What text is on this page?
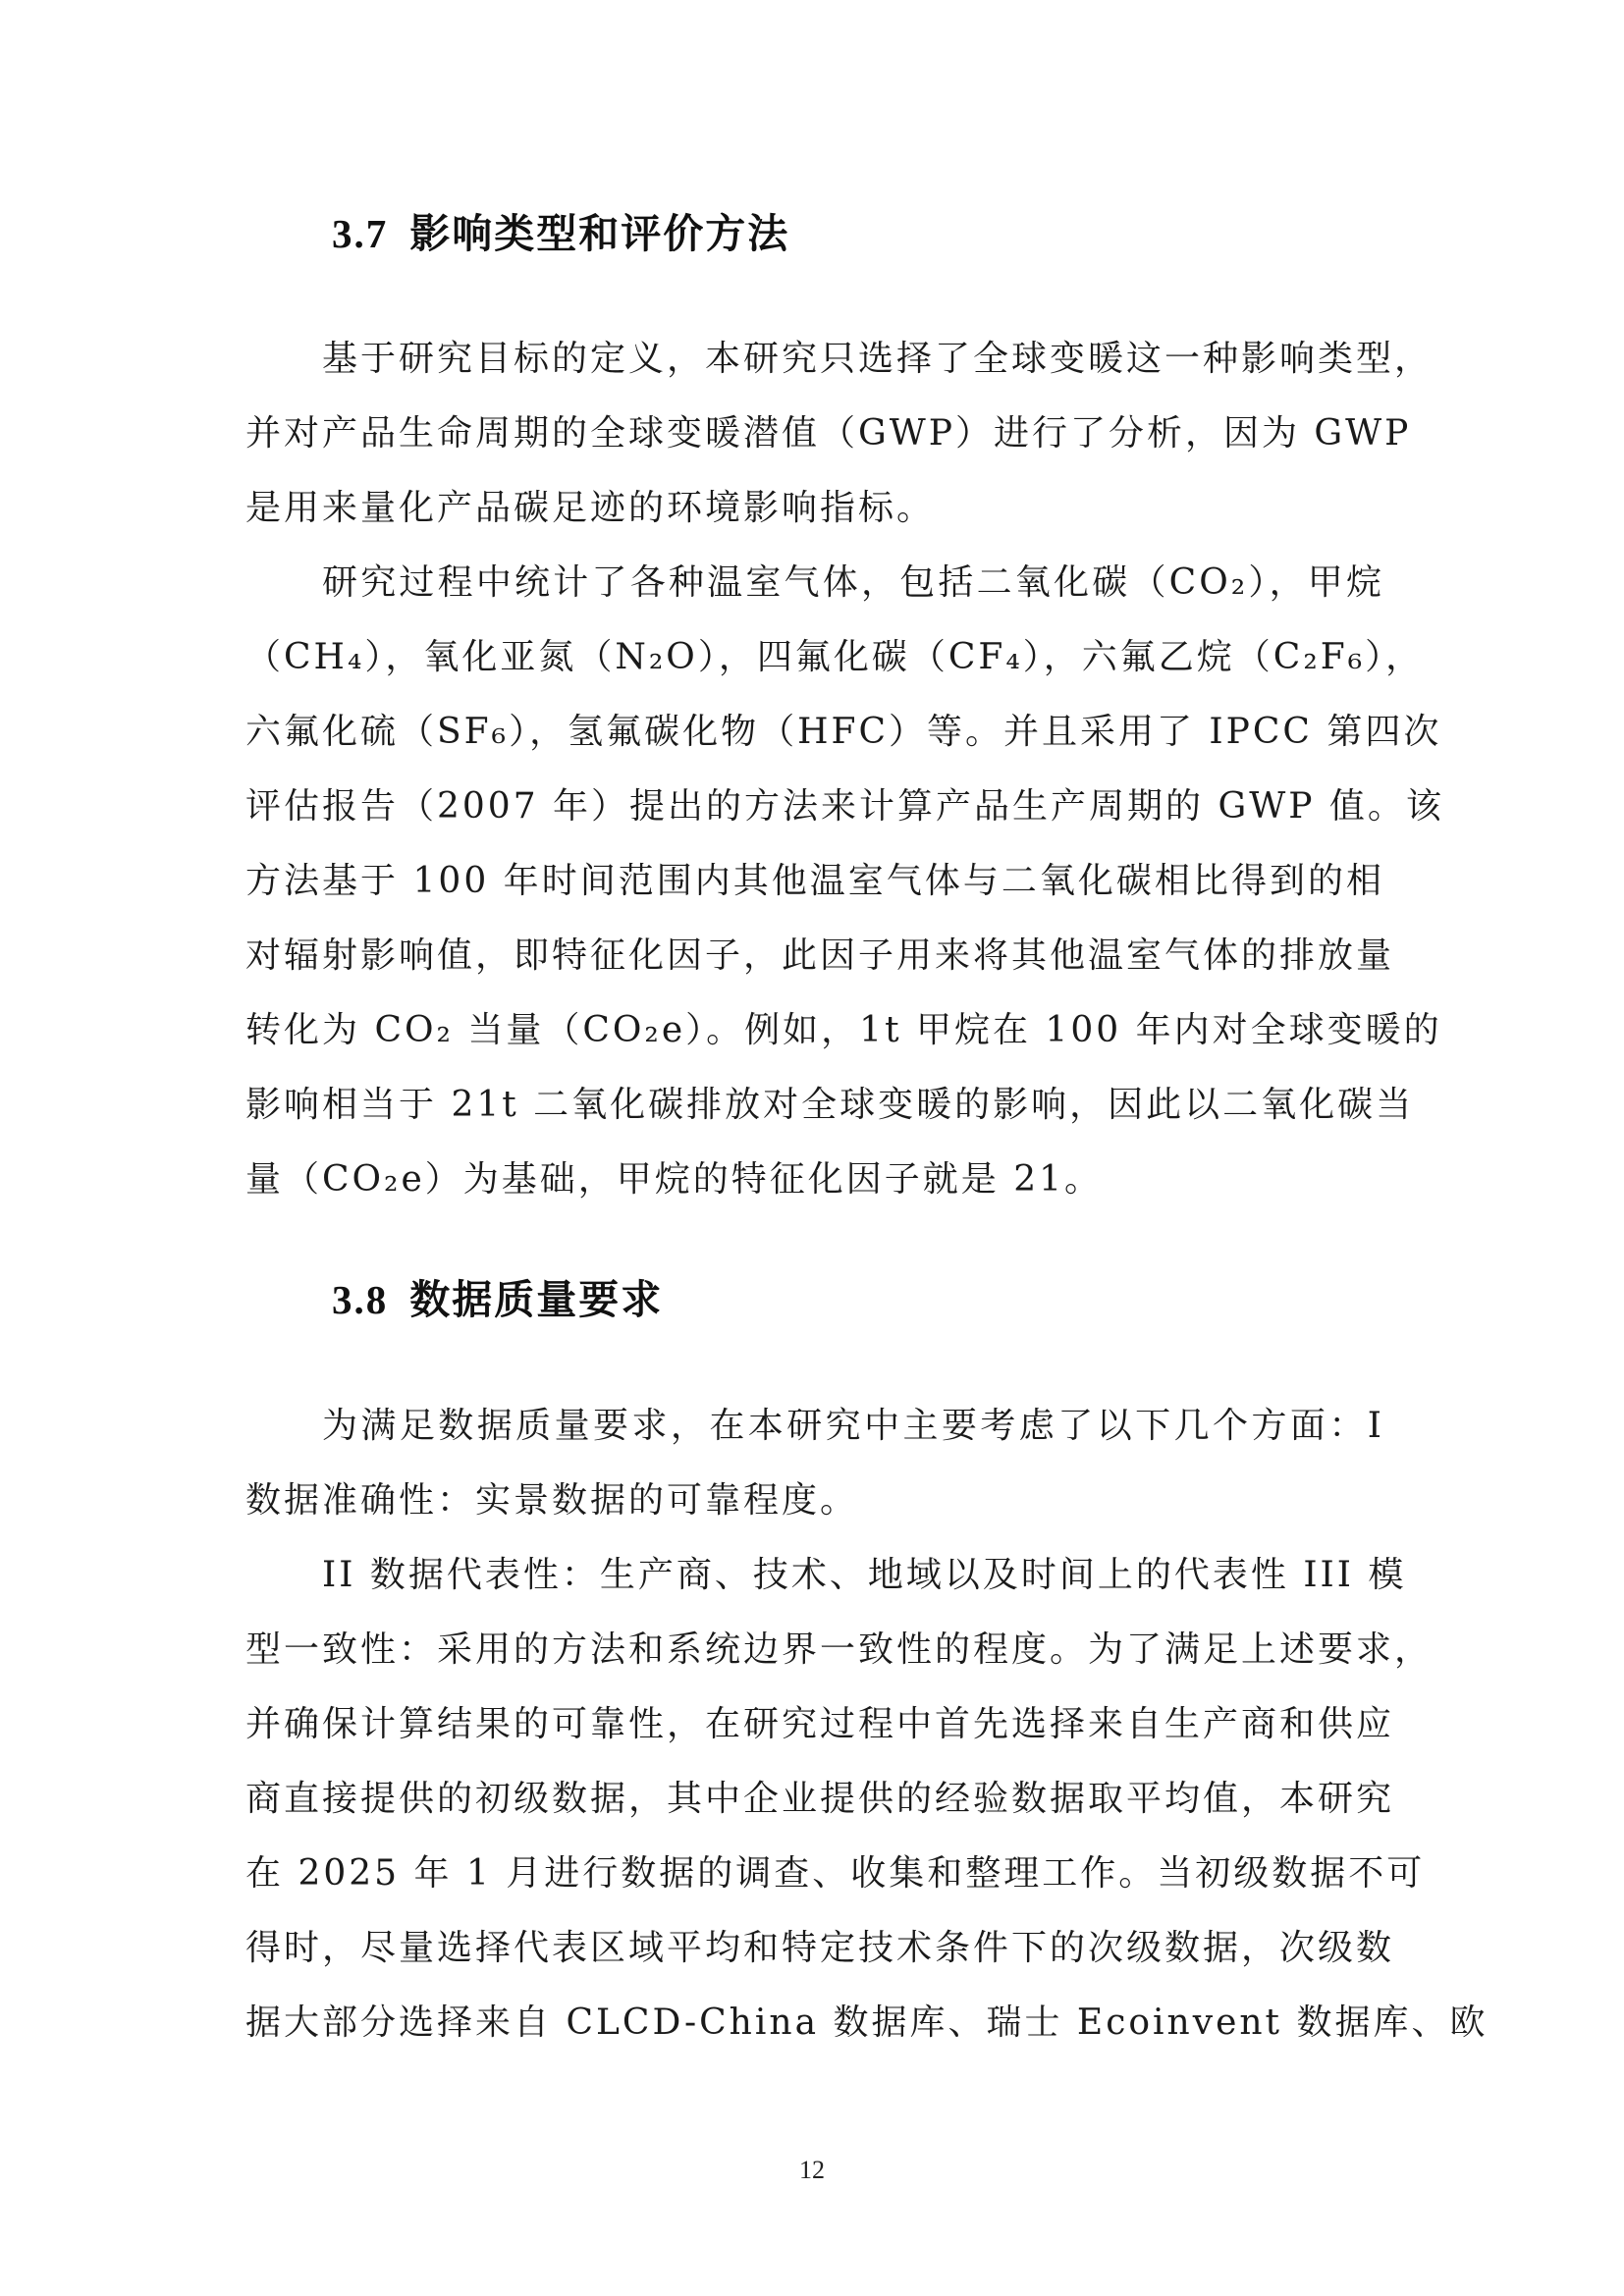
3.7 影响类型和评价方法
基于研究目标的定义，本研究只选择了全球变暖这一种影响类型，
并对产品生命周期的全球变暖潜值（GWP）进行了分析，因为 GWP
是用来量化产品碳足迹的环境影响指标。
研究过程中统计了各种温室气体，包括二氧化碳（CO₂），甲烷
（CH₄），氧化亚氮（N₂O），四氟化碳（CF₄），六氟乙烷（C₂F₆），
六氟化硫（SF₆），氢氟碳化物（HFC）等。并且采用了 IPCC 第四次
评估报告（2007 年）提出的方法来计算产品生产周期的 GWP 值。该
方法基于 100 年时间范围内其他温室气体与二氧化碳相比得到的相
对辐射影响值，即特征化因子，此因子用来将其他温室气体的排放量
转化为 CO₂ 当量（CO₂e）。例如，1t 甲烷在 100 年内对全球变暖的
影响相当于 21t 二氧化碳排放对全球变暖的影响，因此以二氧化碳当
量（CO₂e）为基础，甲烷的特征化因子就是 21。
3.8 数据质量要求
为满足数据质量要求，在本研究中主要考虑了以下几个方面：I
数据准确性：实景数据的可靠程度。
II 数据代表性：生产商、技术、地域以及时间上的代表性 III 模
型一致性：采用的方法和系统边界一致性的程度。为了满足上述要求，
并确保计算结果的可靠性，在研究过程中首先选择来自生产商和供应
商直接提供的初级数据，其中企业提供的经验数据取平均值，本研究
在 2025 年 1 月进行数据的调查、收集和整理工作。当初级数据不可
得时，尽量选择代表区域平均和特定技术条件下的次级数据，次级数
据大部分选择来自 CLCD-China 数据库、瑞士 Ecoinvent 数据库、欧
12
